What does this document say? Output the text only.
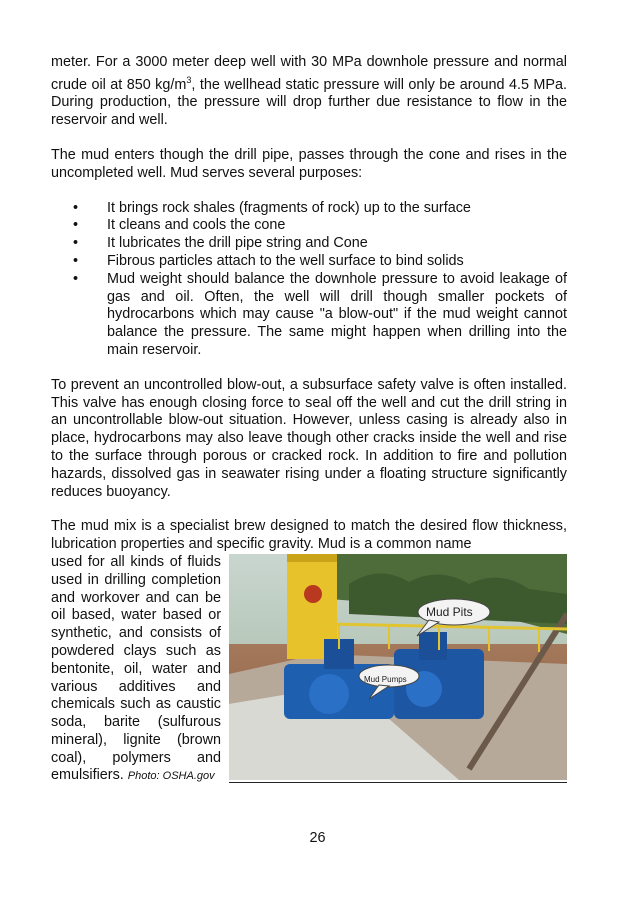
meter. For a 3000 meter deep well with 30 MPa downhole pressure and normal crude oil at 850 $kg/m^3$, the wellhead static pressure will only be around 4.5 MPa. During production, the pressure will drop further due resistance to flow in the reservoir and well.

The mud enters though the drill pipe, passes through the cone and rises in the uncompleted well. Mud serves several purposes:

• It brings rock shales (fragments of rock) up to the surface
• It cleans and cools the cone
• It lubricates the drill pipe string and Cone
• Fibrous particles attach to the well surface to bind solids
• Mud weight should balance the downhole pressure to avoid leakage of gas and oil. Often, the well will drill though smaller pockets of hydrocarbons which may cause "a blow-out" if the mud weight cannot balance the pressure. The same might happen when drilling into the main reservoir.

To prevent an uncontrolled blow-out, a subsurface safety valve is often installed. This valve has enough closing force to seal off the well and cut the drill string in an uncontrollable blow-out situation. However, unless casing is already also in place, hydrocarbons may also leave though other cracks inside the well and rise to the surface through porous or cracked rock. In addition to fire and pollution hazards, dissolved gas in seawater rising under a floating structure significantly reduces buoyancy.

The mud mix is a specialist brew designed to match the desired flow thickness, lubrication properties and specific gravity. Mud is a common name

Mud Pits
Mud Pumps

used for all kinds of fluids used in drilling completion and workover and can be oil based, water based or synthetic, and consists of powdered clays such as bentonite, oil, water and various additives and chemicals such as caustic soda, barite (sulfurous mineral), lignite (brown coal), polymers and emulsifiers. Photo: OSHA.gov

26
